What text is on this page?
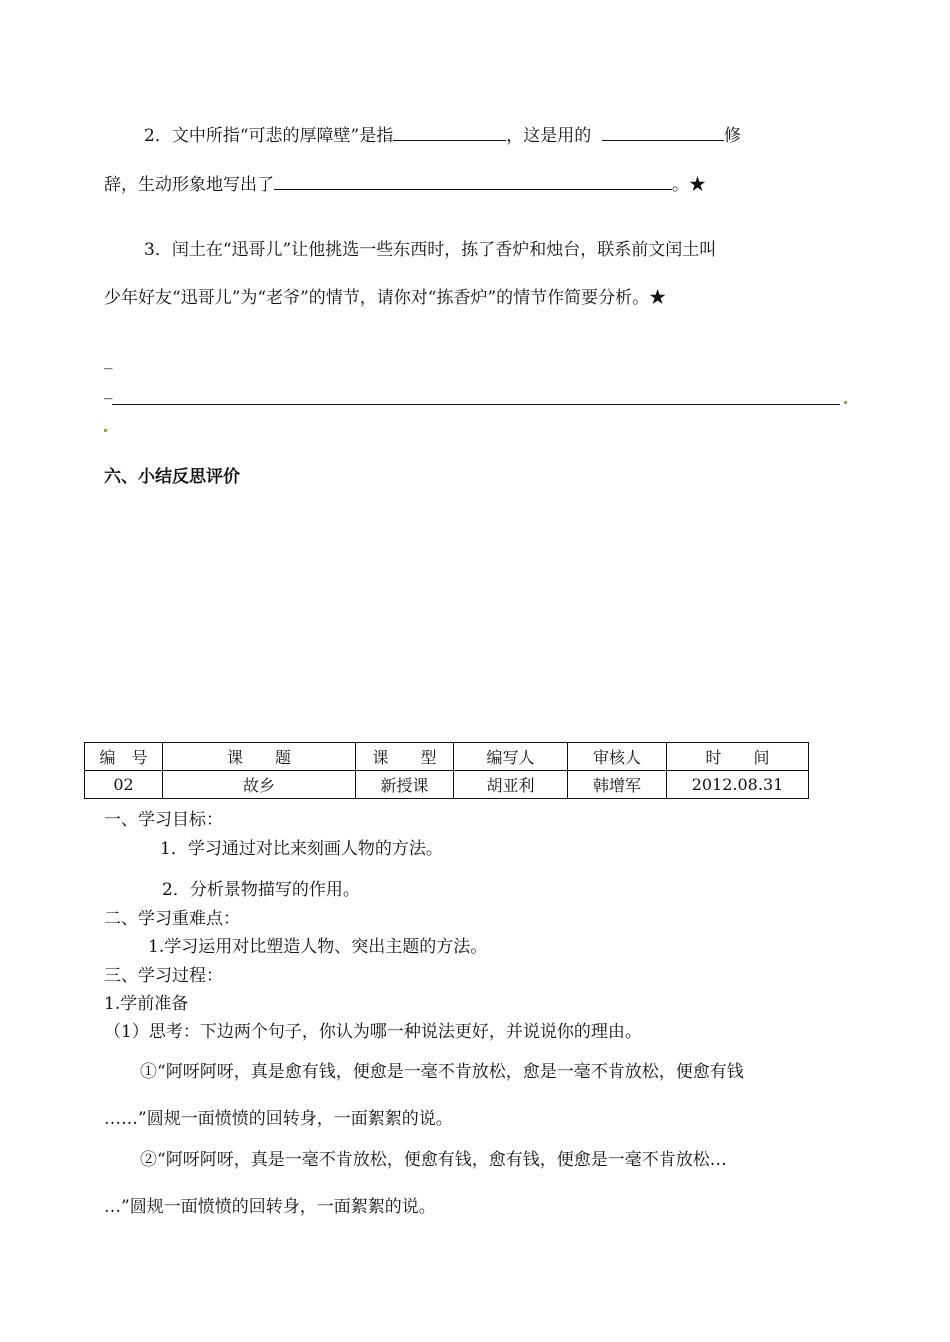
2．文中所指“可悲的厚障壁”是指	，这是用的	修
辞，生动形象地写出了	。★
3．闰土在“迅哥儿”让他挑选一些东西时，拣了香炉和烛台，联系前文闰土叫
少年好友“迅哥儿”为“老爷”的情节，请你对“拣香炉”的情节作简要分析。★
_
_
六、小结反思评价
编　号	课　　题	课　　型	编写人	审核人	时　　间
02	故乡	新授课	胡亚利	韩增军	2012.08.31
一、学习目标：
1．学习通过对比来刻画人物的方法。
2．分析景物描写的作用。
二、学习重难点：
1.学习运用对比塑造人物、突出主题的方法。
三、学习过程：
1.学前准备
（1）思考：下边两个句子，你认为哪一种说法更好，并说说你的理由。
①“阿呀阿呀，真是愈有钱，便愈是一毫不肯放松，愈是一毫不肯放松，便愈有钱
……”圆规一面愤愤的回转身，一面絮絮的说。
②“阿呀阿呀，真是一毫不肯放松，便愈有钱，愈有钱，便愈是一毫不肯放松…
…”圆规一面愤愤的回转身，一面絮絮的说。
